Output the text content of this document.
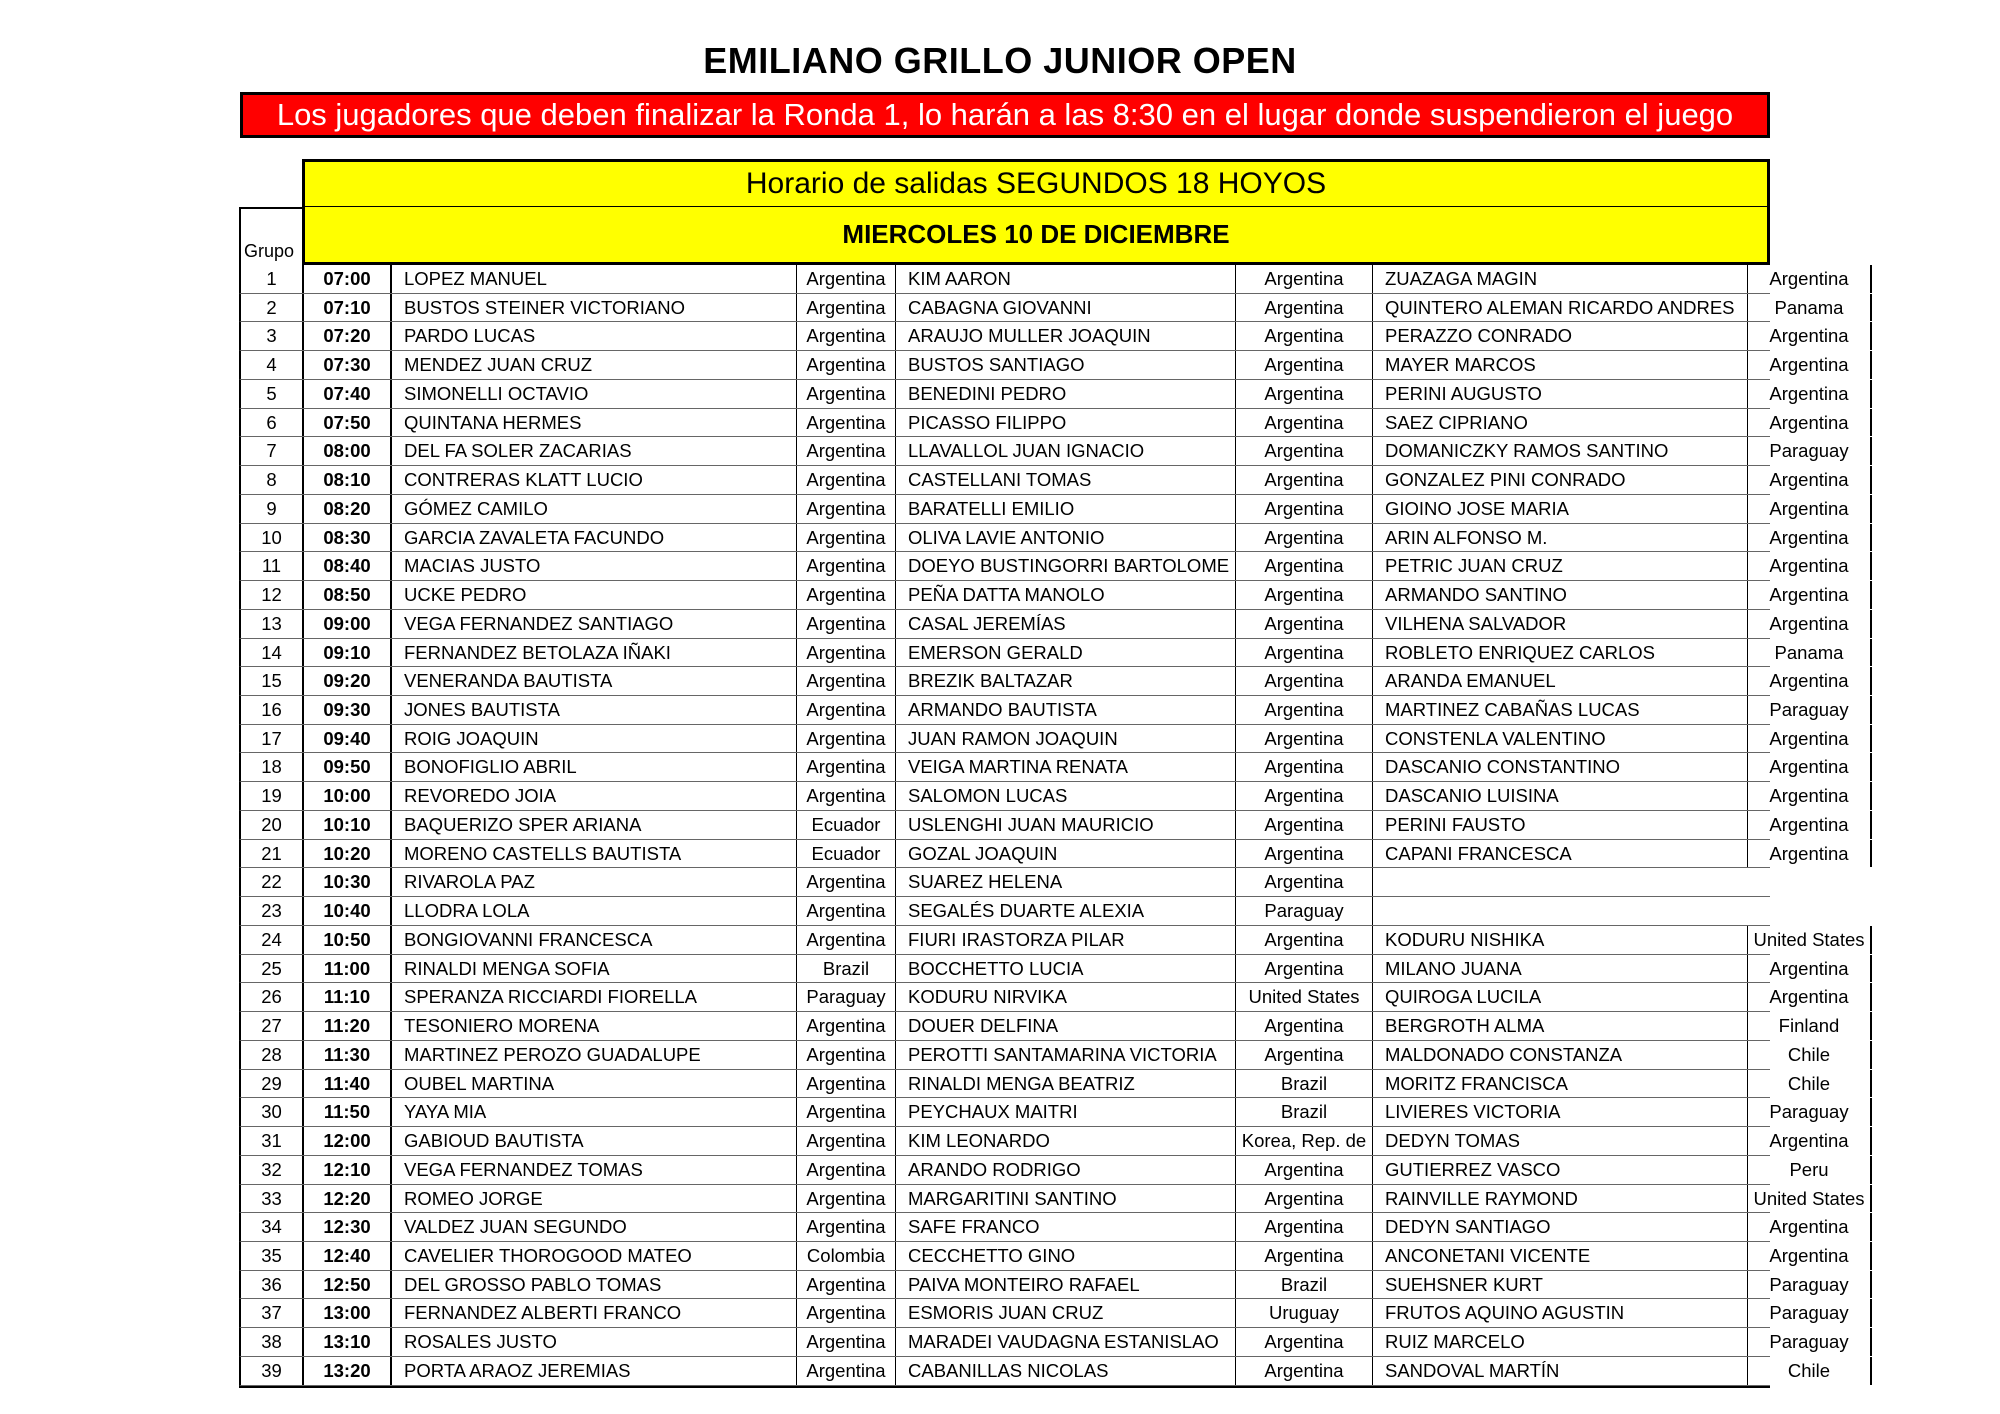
EMILIANO GRILLO JUNIOR OPEN
Los jugadores que deben finalizar la Ronda 1, lo harán a las 8:30 en el lugar donde suspendieron el juego
Horario de salidas SEGUNDOS 18 HOYOS
Grupo
MIERCOLES 10 DE DICIEMBRE
1	07:00	LOPEZ MANUEL	Argentina	KIM AARON	Argentina	ZUAZAGA MAGIN	Argentina
2	07:10	BUSTOS STEINER VICTORIANO	Argentina	CABAGNA GIOVANNI	Argentina	QUINTERO ALEMAN RICARDO ANDRES	Panama
3	07:20	PARDO LUCAS	Argentina	ARAUJO MULLER JOAQUIN	Argentina	PERAZZO CONRADO	Argentina
4	07:30	MENDEZ JUAN CRUZ	Argentina	BUSTOS SANTIAGO	Argentina	MAYER MARCOS	Argentina
5	07:40	SIMONELLI OCTAVIO	Argentina	BENEDINI PEDRO	Argentina	PERINI AUGUSTO	Argentina
6	07:50	QUINTANA HERMES	Argentina	PICASSO FILIPPO	Argentina	SAEZ CIPRIANO	Argentina
7	08:00	DEL FA SOLER ZACARIAS	Argentina	LLAVALLOL JUAN IGNACIO	Argentina	DOMANICZKY RAMOS SANTINO	Paraguay
8	08:10	CONTRERAS KLATT LUCIO	Argentina	CASTELLANI TOMAS	Argentina	GONZALEZ PINI CONRADO	Argentina
9	08:20	GÓMEZ CAMILO	Argentina	BARATELLI EMILIO	Argentina	GIOINO JOSE MARIA	Argentina
10	08:30	GARCIA ZAVALETA FACUNDO	Argentina	OLIVA LAVIE ANTONIO	Argentina	ARIN ALFONSO M.	Argentina
11	08:40	MACIAS JUSTO	Argentina	DOEYO BUSTINGORRI BARTOLOME	Argentina	PETRIC JUAN CRUZ	Argentina
12	08:50	UCKE PEDRO	Argentina	PEÑA DATTA MANOLO	Argentina	ARMANDO SANTINO	Argentina
13	09:00	VEGA FERNANDEZ SANTIAGO	Argentina	CASAL JEREMÍAS	Argentina	VILHENA SALVADOR	Argentina
14	09:10	FERNANDEZ BETOLAZA IÑAKI	Argentina	EMERSON GERALD	Argentina	ROBLETO ENRIQUEZ CARLOS	Panama
15	09:20	VENERANDA BAUTISTA	Argentina	BREZIK BALTAZAR	Argentina	ARANDA EMANUEL	Argentina
16	09:30	JONES BAUTISTA	Argentina	ARMANDO BAUTISTA	Argentina	MARTINEZ CABAÑAS LUCAS	Paraguay
17	09:40	ROIG JOAQUIN	Argentina	JUAN RAMON JOAQUIN	Argentina	CONSTENLA VALENTINO	Argentina
18	09:50	BONOFIGLIO ABRIL	Argentina	VEIGA MARTINA RENATA	Argentina	DASCANIO CONSTANTINO	Argentina
19	10:00	REVOREDO JOIA	Argentina	SALOMON LUCAS	Argentina	DASCANIO LUISINA	Argentina
20	10:10	BAQUERIZO SPER ARIANA	Ecuador	USLENGHI JUAN MAURICIO	Argentina	PERINI FAUSTO	Argentina
21	10:20	MORENO CASTELLS BAUTISTA	Ecuador	GOZAL JOAQUIN	Argentina	CAPANI FRANCESCA	Argentina
22	10:30	RIVAROLA PAZ	Argentina	SUAREZ HELENA	Argentina
23	10:40	LLODRA LOLA	Argentina	SEGALÉS DUARTE ALEXIA	Paraguay
24	10:50	BONGIOVANNI FRANCESCA	Argentina	FIURI IRASTORZA PILAR	Argentina	KODURU NISHIKA	United States
25	11:00	RINALDI MENGA SOFIA	Brazil	BOCCHETTO LUCIA	Argentina	MILANO JUANA	Argentina
26	11:10	SPERANZA RICCIARDI FIORELLA	Paraguay	KODURU NIRVIKA	United States	QUIROGA LUCILA	Argentina
27	11:20	TESONIERO MORENA	Argentina	DOUER DELFINA	Argentina	BERGROTH ALMA	Finland
28	11:30	MARTINEZ PEROZO GUADALUPE	Argentina	PEROTTI SANTAMARINA VICTORIA	Argentina	MALDONADO CONSTANZA	Chile
29	11:40	OUBEL MARTINA	Argentina	RINALDI MENGA BEATRIZ	Brazil	MORITZ FRANCISCA	Chile
30	11:50	YAYA MIA	Argentina	PEYCHAUX MAITRI	Brazil	LIVIERES VICTORIA	Paraguay
31	12:00	GABIOUD BAUTISTA	Argentina	KIM LEONARDO	Korea, Rep. de	DEDYN TOMAS	Argentina
32	12:10	VEGA FERNANDEZ TOMAS	Argentina	ARANDO RODRIGO	Argentina	GUTIERREZ VASCO	Peru
33	12:20	ROMEO JORGE	Argentina	MARGARITINI SANTINO	Argentina	RAINVILLE RAYMOND	United States
34	12:30	VALDEZ JUAN SEGUNDO	Argentina	SAFE FRANCO	Argentina	DEDYN SANTIAGO	Argentina
35	12:40	CAVELIER THOROGOOD MATEO	Colombia	CECCHETTO GINO	Argentina	ANCONETANI VICENTE	Argentina
36	12:50	DEL GROSSO PABLO TOMAS	Argentina	PAIVA MONTEIRO RAFAEL	Brazil	SUEHSNER KURT	Paraguay
37	13:00	FERNANDEZ ALBERTI FRANCO	Argentina	ESMORIS JUAN CRUZ	Uruguay	FRUTOS AQUINO AGUSTIN	Paraguay
38	13:10	ROSALES JUSTO	Argentina	MARADEI VAUDAGNA ESTANISLAO	Argentina	RUIZ MARCELO	Paraguay
39	13:20	PORTA ARAOZ JEREMIAS	Argentina	CABANILLAS NICOLAS	Argentina	SANDOVAL MARTÍN	Chile
